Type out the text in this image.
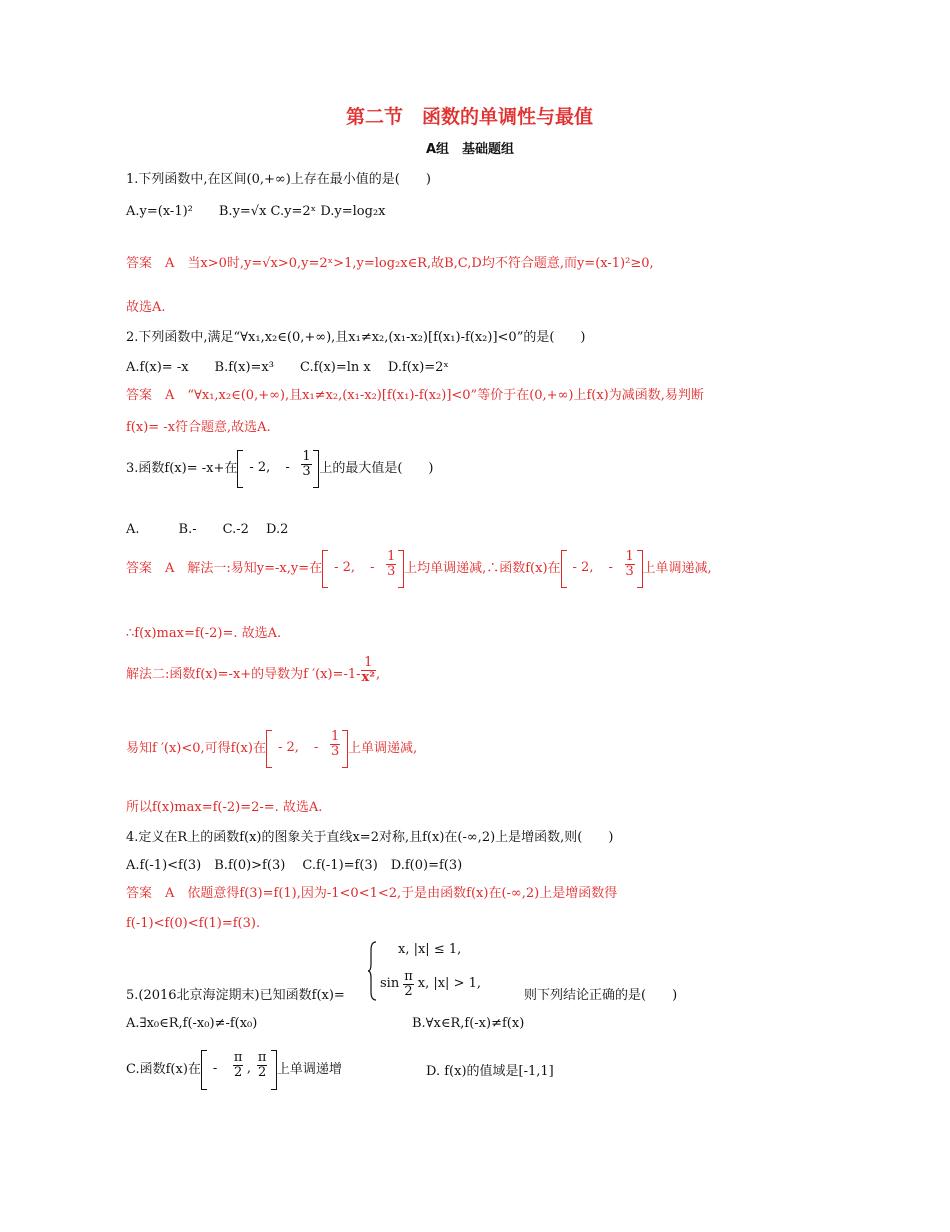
第二节　函数的单调性与最值
A组　基础题组
1.下列函数中,在区间(0,+∞)上存在最小值的是(　　)
A.y=(x-1)²　　B.y=√x C.y=2ˣ D.y=log₂x
答案　A　当x>0时,y=√x>0,y=2ˣ>1,y=log₂x∈R,故B,C,D均不符合题意,而y=(x-1)²≥0,
故选A.
2.下列函数中,满足“∀x₁,x₂∈(0,+∞),且x₁≠x₂,(x₁-x₂)[f(x₁)-f(x₂)]<0”的是(　　)
A.f(x)= -x　　B.f(x)=x³　　C.f(x)=ln x　 D.f(x)=2ˣ
答案　A　“∀x₁,x₂∈(0,+∞),且x₁≠x₂,(x₁-x₂)[f(x₁)-f(x₂)]<0”等价于在(0,+∞)上f(x)为减函数,易判断
f(x)= -x符合题意,故选A.
3.函数f(x)= -x+在 - 2, - $\frac{1}{3}$ 上的最大值是(　　)
A.　　　B.-　　C.-2　 D.2
答案　A　解法一:易知y=-x,y=在 - 2, - $\frac{1}{3}$ 上均单调递减,∴函数f(x)在 - 2, - $\frac{1}{3}$ 上单调递减,
∴f(x)max=f(-2)=. 故选A.
解法二:函数f(x)=-x+的导数为f $'(x)=-1- \frac{1}{\text{x²}}$ ,
易知f ′(x)<0,可得f(x)在 - 2, - $\frac{1}{3}$ 上单调递减,
所以f(x)max=f(-2)=2-=. 故选A.
4.定义在R上的函数f(x)的图象关于直线x=2对称,且f(x)在(-∞,2)上是增函数,则(　　)
A.f(-1)<f(3)　B.f(0)>f(3)　 C.f(-1)=f(3)　D.f(0)=f(3)
答案　A　依题意得f(3)=f(1),因为-1<0<1<2,于是由函数f(x)在(-∞,2)上是增函数得
f(-1)<f(0)<f(1)=f(3).
5.(2016北京海淀期末)已知函数f(x)=
x, |x| ≤ 1,
$\sin \frac{\pi}{2} x$, |x| > 1,
则下列结论正确的是(　　)
A.∃x₀∈R,f(-x₀)≠-f(x₀)	B.∀x∈R,f(-x)≠f(x)
C.函数f(x)在 - $\frac{\pi}{2}$ , $\frac{\pi}{2}$ 上单调递增	D. f(x)的值域是[-1,1]
